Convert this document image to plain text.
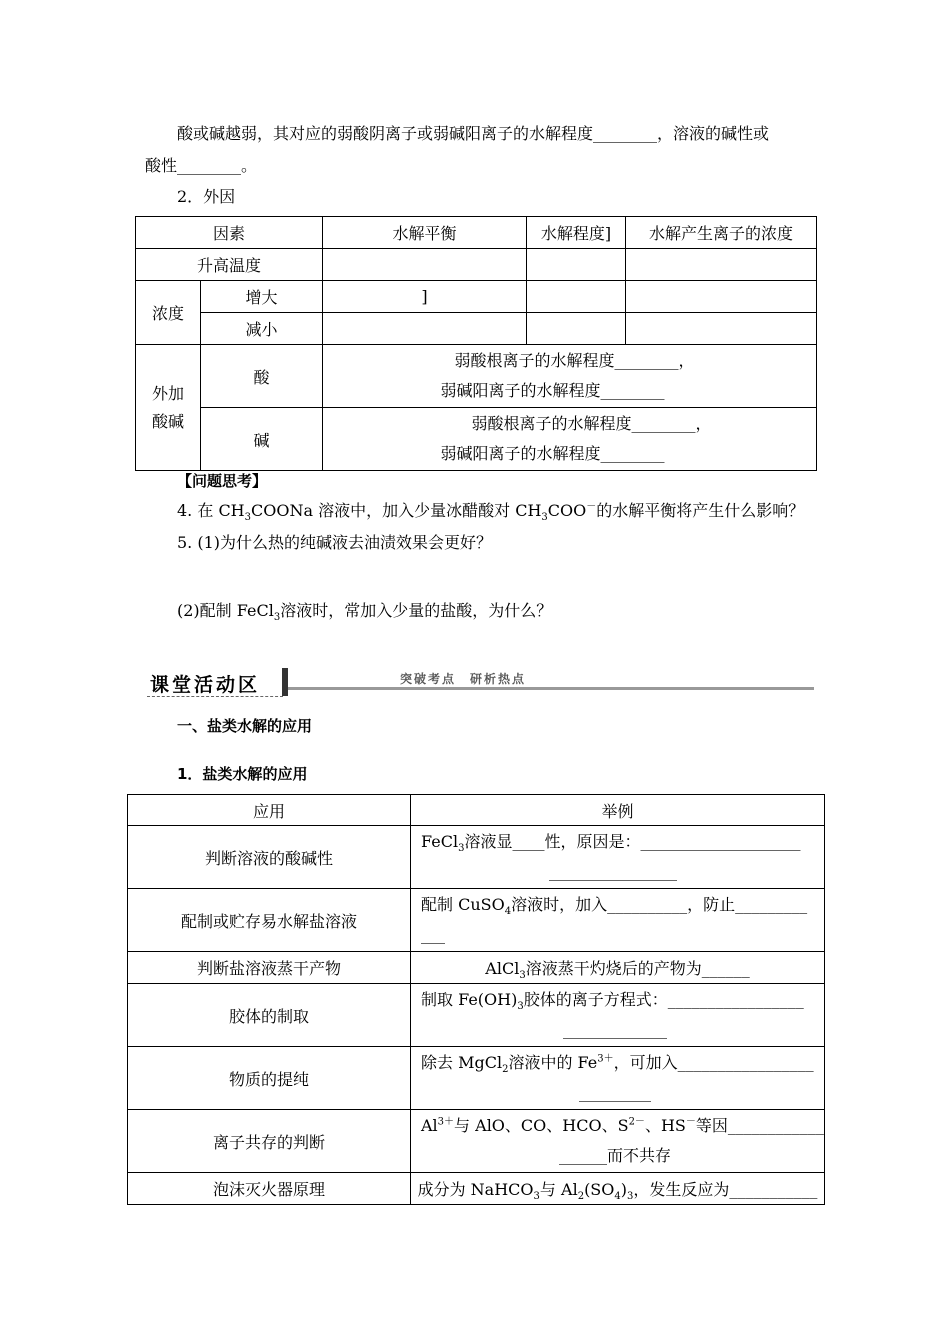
酸或碱越弱，其对应的弱酸阴离子或弱碱阳离子的水解程度________，溶液的碱性或
酸性________。
2．外因
因素		水解平衡	水解程度]	水解产生离子的浓度
升高温度				
浓度	增大	]		
	减小			

外加酸碱	酸	弱酸根离子的水解程度________，
弱碱阳离子的水解程度________		

	碱	弱酸根离子的水解程度________，
弱碱阳离子的水解程度________		
【问题思考】
4. 在 $CH_3COONa$ 溶液中，加入少量冰醋酸对 $CH_3COO^-$的水解平衡将产生什么影响？
5. (1)为什么热的纯碱液去油渍效果会更好？
(2)配制 FeCl$_3$溶液时，常加入少量的盐酸，为什么？
课堂活动区	突破考点　研析热点
一、盐类水解的应用
1．盐类水解的应用
应用	举例
判断溶液的酸碱性	FeCl$_3$溶液显____性，原因是：____________________
________________

配制或贮存易水解盐溶液	配制 CuSO$_4$溶液时，加入__________，防止_________
___

判断盐溶液蒸干产物	AlCl$_3$溶液蒸干灼烧后的产物为______
胶体的制取	制取 $Fe(OH)_3$胶体的离子方程式：_________________
_____________

物质的提纯	除去 MgCl$_2$溶液中的 $Fe^{3+}$，可加入_________________
_________

离子共存的判断	$Al^{3+}$与 AlO、CO、HCO、$S^{2-}$、HS－等因____________
______而不共存

泡沫灭火器原理	成分为 NaHCO$_3$与 $Al_2(SO_4)_3$，发生反应为___________
